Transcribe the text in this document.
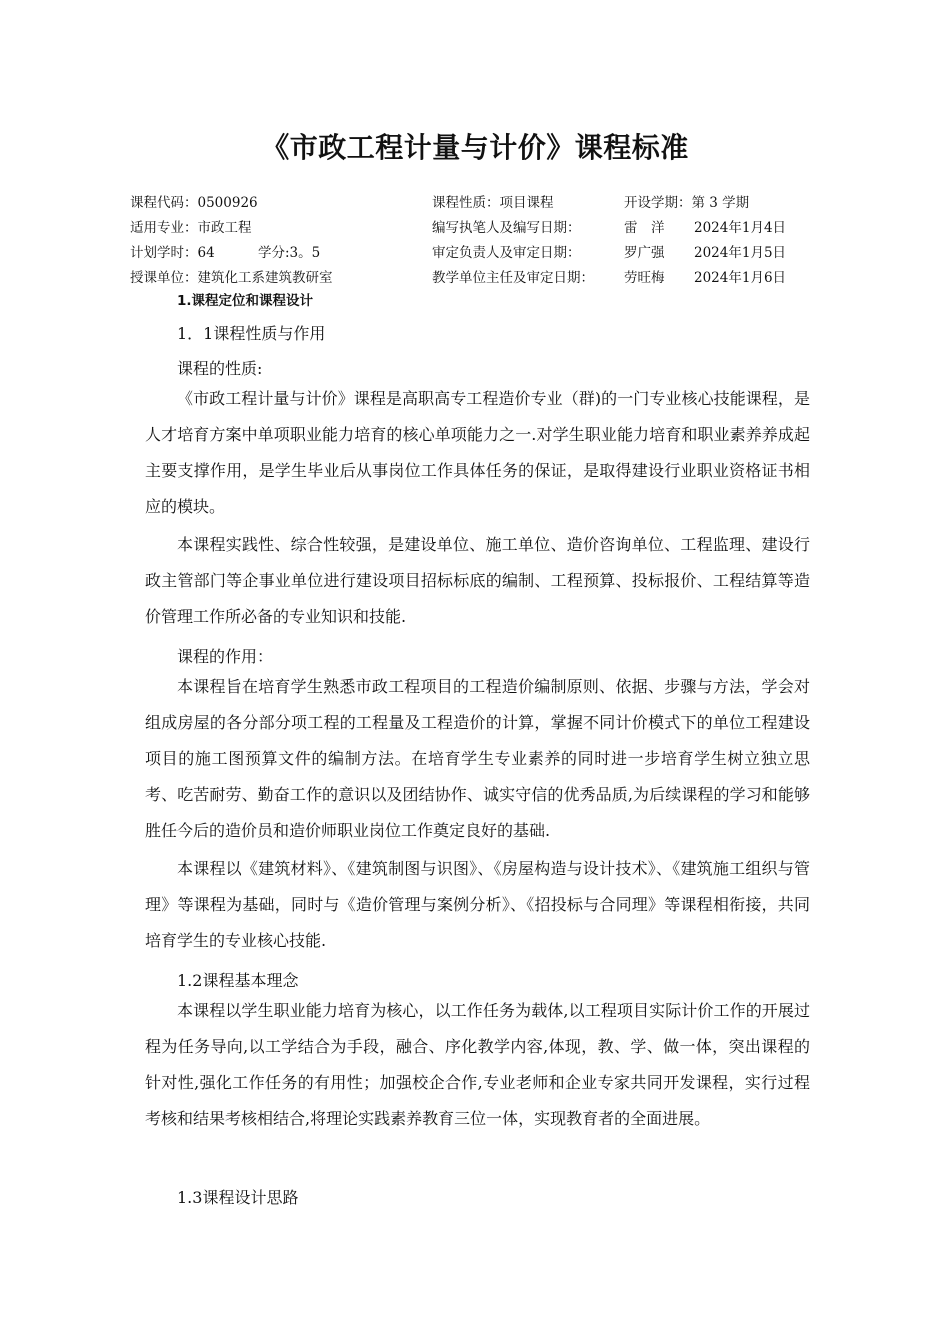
《市政工程计量与计价》课程标准
课程代码：0500926	课程性质：项目课程	开设学期：第 3 学期
适用专业：市政工程	编写执笔人及编写日期：	雷　洋 2024年1月4日
计划学时：64	学分:3。5	审定负责人及审定日期：	罗广强 2024年1月5日
授课单位：建筑化工系建筑教研室	教学单位主任及审定日期： 劳旺梅 2024年1月6日
1.课程定位和课程设计
1．1课程性质与作用
课程的性质:

《市政工程计量与计价》课程是高职高专工程造价专业（群)的一门专业核心技能课程，是人才培育方案中单项职业能力培育的核心单项能力之一.对学生职业能力培育和职业素养养成起主要支撑作用，是学生毕业后从事岗位工作具体任务的保证，是取得建设行业职业资格证书相应的模块。

本课程实践性、综合性较强，是建设单位、施工单位、造价咨询单位、工程监理、建设行政主管部门等企事业单位进行建设项目招标标底的编制、工程预算、投标报价、工程结算等造价管理工作所必备的专业知识和技能.

课程的作用：

本课程旨在培育学生熟悉市政工程项目的工程造价编制原则、依据、步骤与方法，学会对组成房屋的各分部分项工程的工程量及工程造价的计算，掌握不同计价模式下的单位工程建设项目的施工图预算文件的编制方法。在培育学生专业素养的同时进一步培育学生树立独立思考、吃苦耐劳、勤奋工作的意识以及团结协作、诚实守信的优秀品质,为后续课程的学习和能够胜任今后的造价员和造价师职业岗位工作奠定良好的基础.

本课程以《建筑材料》、《建筑制图与识图》、《房屋构造与设计技术》、《建筑施工组织与管理》等课程为基础，同时与《造价管理与案例分析》、《招投标与合同理》等课程相衔接，共同培育学生的专业核心技能.

1.2课程基本理念

本课程以学生职业能力培育为核心，以工作任务为载体,以工程项目实际计价工作的开展过程为任务导向,以工学结合为手段，融合、序化教学内容,体现，教、学、做一体，突出课程的针对性,强化工作任务的有用性；加强校企合作,专业老师和企业专家共同开发课程，实行过程考核和结果考核相结合,将理论实践素养教育三位一体，实现教育者的全面进展。

1.3课程设计思路
